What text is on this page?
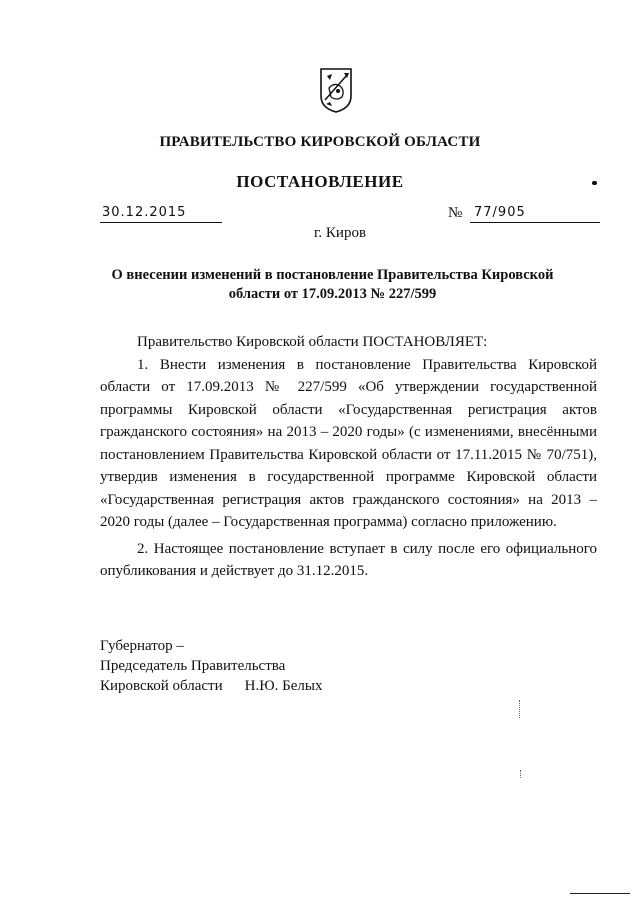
ПРАВИТЕЛЬСТВО КИРОВСКОЙ ОБЛАСТИ
ПОСТАНОВЛЕНИЕ
30.12.2015	№ 77/905
г. Киров
О внесении изменений в постановление Правительства Кировской области от 17.09.2013 № 227/599

Правительство Кировской области ПОСТАНОВЛЯЕТ:

1. Внести изменения в постановление Правительства Кировской области от 17.09.2013 № 227/599 «Об утверждении государственной программы Кировской области «Государственная регистрация актов гражданского состояния» на 2013 – 2020 годы» (с изменениями, внесёнными постановлением Правительства Кировской области от 17.11.2015 № 70/751), утвердив изменения в государственной программе Кировской области «Государственная регистрация актов гражданского состояния» на 2013 – 2020 годы (далее – Государственная программа) согласно приложению.

2. Настоящее постановление вступает в силу после его официального опубликования и действует до 31.12.2015.

Губернатор –
Председатель Правительства
Кировской области Н.Ю. Белых
